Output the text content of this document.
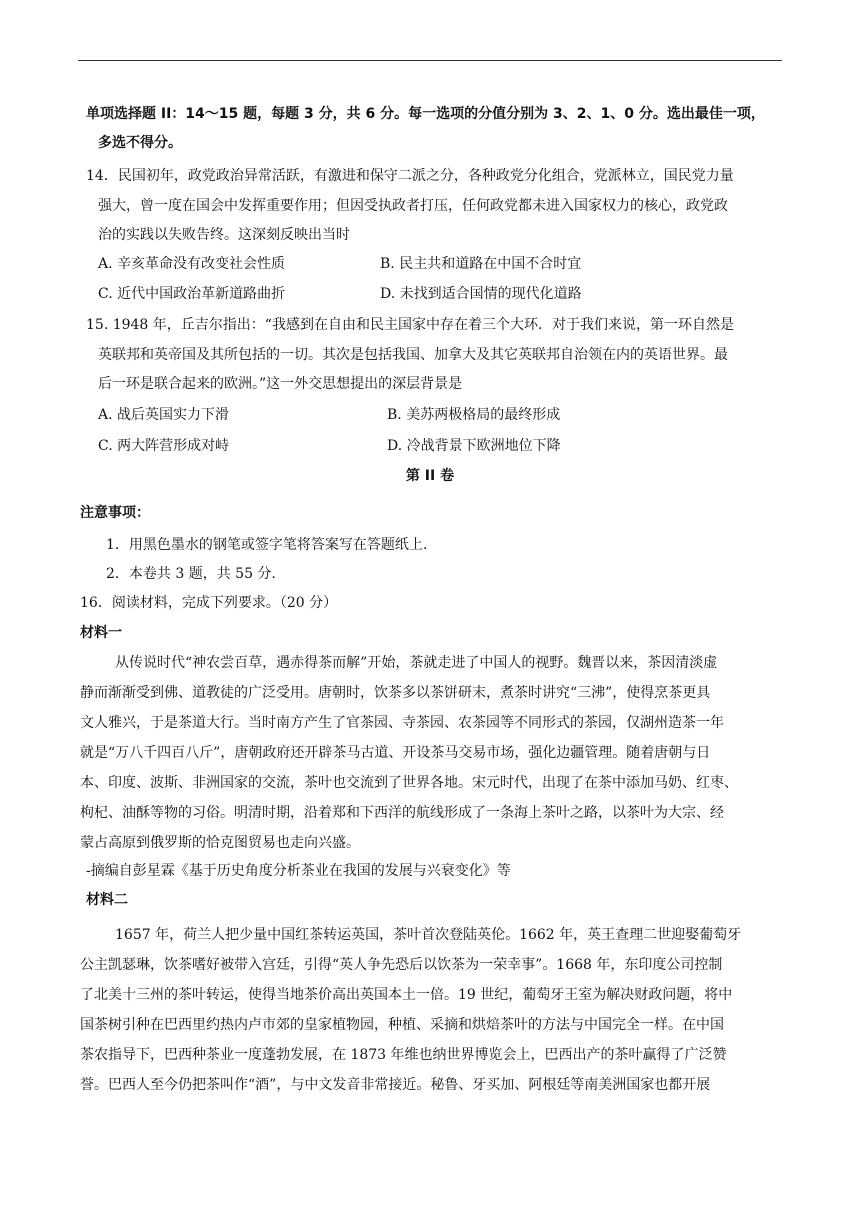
单项选择题 II：14～15 题，每题 3 分，共 6 分。每一选项的分值分别为 3、2、1、0 分。选出最佳一项，
多选不得分。
14．民国初年，政党政治异常活跃，有激进和保守二派之分，各种政党分化组合，党派林立，国民党力量
强大，曾一度在国会中发挥重要作用；但因受执政者打压，任何政党都未进入国家权力的核心，政党政
治的实践以失败告终。这深刻反映出当时
A. 辛亥革命没有改变社会性质	B. 民主共和道路在中国不合时宜
C. 近代中国政治革新道路曲折	D. 未找到适合国情的现代化道路
15. 1948 年，丘吉尔指出：“我感到在自由和民主国家中存在着三个大环．对于我们来说，第一环自然是
英联邦和英帝国及其所包括的一切。其次是包括我国、加拿大及其它英联邦自治领在内的英语世界。最
后一环是联合起来的欧洲。”这一外交思想提出的深层背景是
A. 战后英国实力下滑	B. 美苏两极格局的最终形成
C. 两大阵营形成对峙	D. 冷战背景下欧洲地位下降
第 II 卷
注意事项：
1．用黑色墨水的钢笔或签字笔将答案写在答题纸上.
2．本卷共 3 题，共 55 分.
16．阅读材料，完成下列要求。（20 分）
材料一
从传说时代“神农尝百草，遇赤得茶而解”开始，茶就走进了中国人的视野。魏晋以来，茶因清淡虚
静而渐渐受到佛、道教徒的广泛受用。唐朝时，饮茶多以茶饼研末，煮茶时讲究“三沸”，使得烹茶更具
文人雅兴，于是茶道大行。当时南方产生了官茶园、寺茶园、农茶园等不同形式的茶园，仅湖州造茶一年
就是“万八千四百八斤”，唐朝政府还开辟茶马古道、开设茶马交易市场，强化边疆管理。随着唐朝与日
本、印度、波斯、非洲国家的交流，茶叶也交流到了世界各地。宋元时代，出现了在茶中添加马奶、红枣、
枸杞、油酥等物的习俗。明清时期，沿着郑和下西洋的航线形成了一条海上茶叶之路，以茶叶为大宗、经
蒙占高原到俄罗斯的恰克图贸易也走向兴盛。
-摘编自彭星霖《基于历史角度分析茶业在我国的发展与兴衰变化》等
材料二
1657 年，荷兰人把少量中国红茶转运英国，茶叶首次登陆英伦。1662 年，英王查理二世迎娶葡萄牙
公主凯瑟琳，饮茶嗜好被带入宫廷，引得“英人争先恐后以饮茶为一荣幸事”。1668 年，东印度公司控制
了北美十三州的茶叶转运，使得当地茶价高出英国本土一倍。19 世纪，葡萄牙王室为解决财政问题，将中
国茶树引种在巴西里约热内卢市郊的皇家植物园，种植、采摘和烘焙茶叶的方法与中国完全一样。在中国
茶农指导下，巴西种茶业一度蓬勃发展，在 1873 年维也纳世界博览会上，巴西出产的茶叶赢得了广泛赞
誉。巴西人至今仍把茶叫作“酒”，与中文发音非常接近。秘鲁、牙买加、阿根廷等南美洲国家也都开展
